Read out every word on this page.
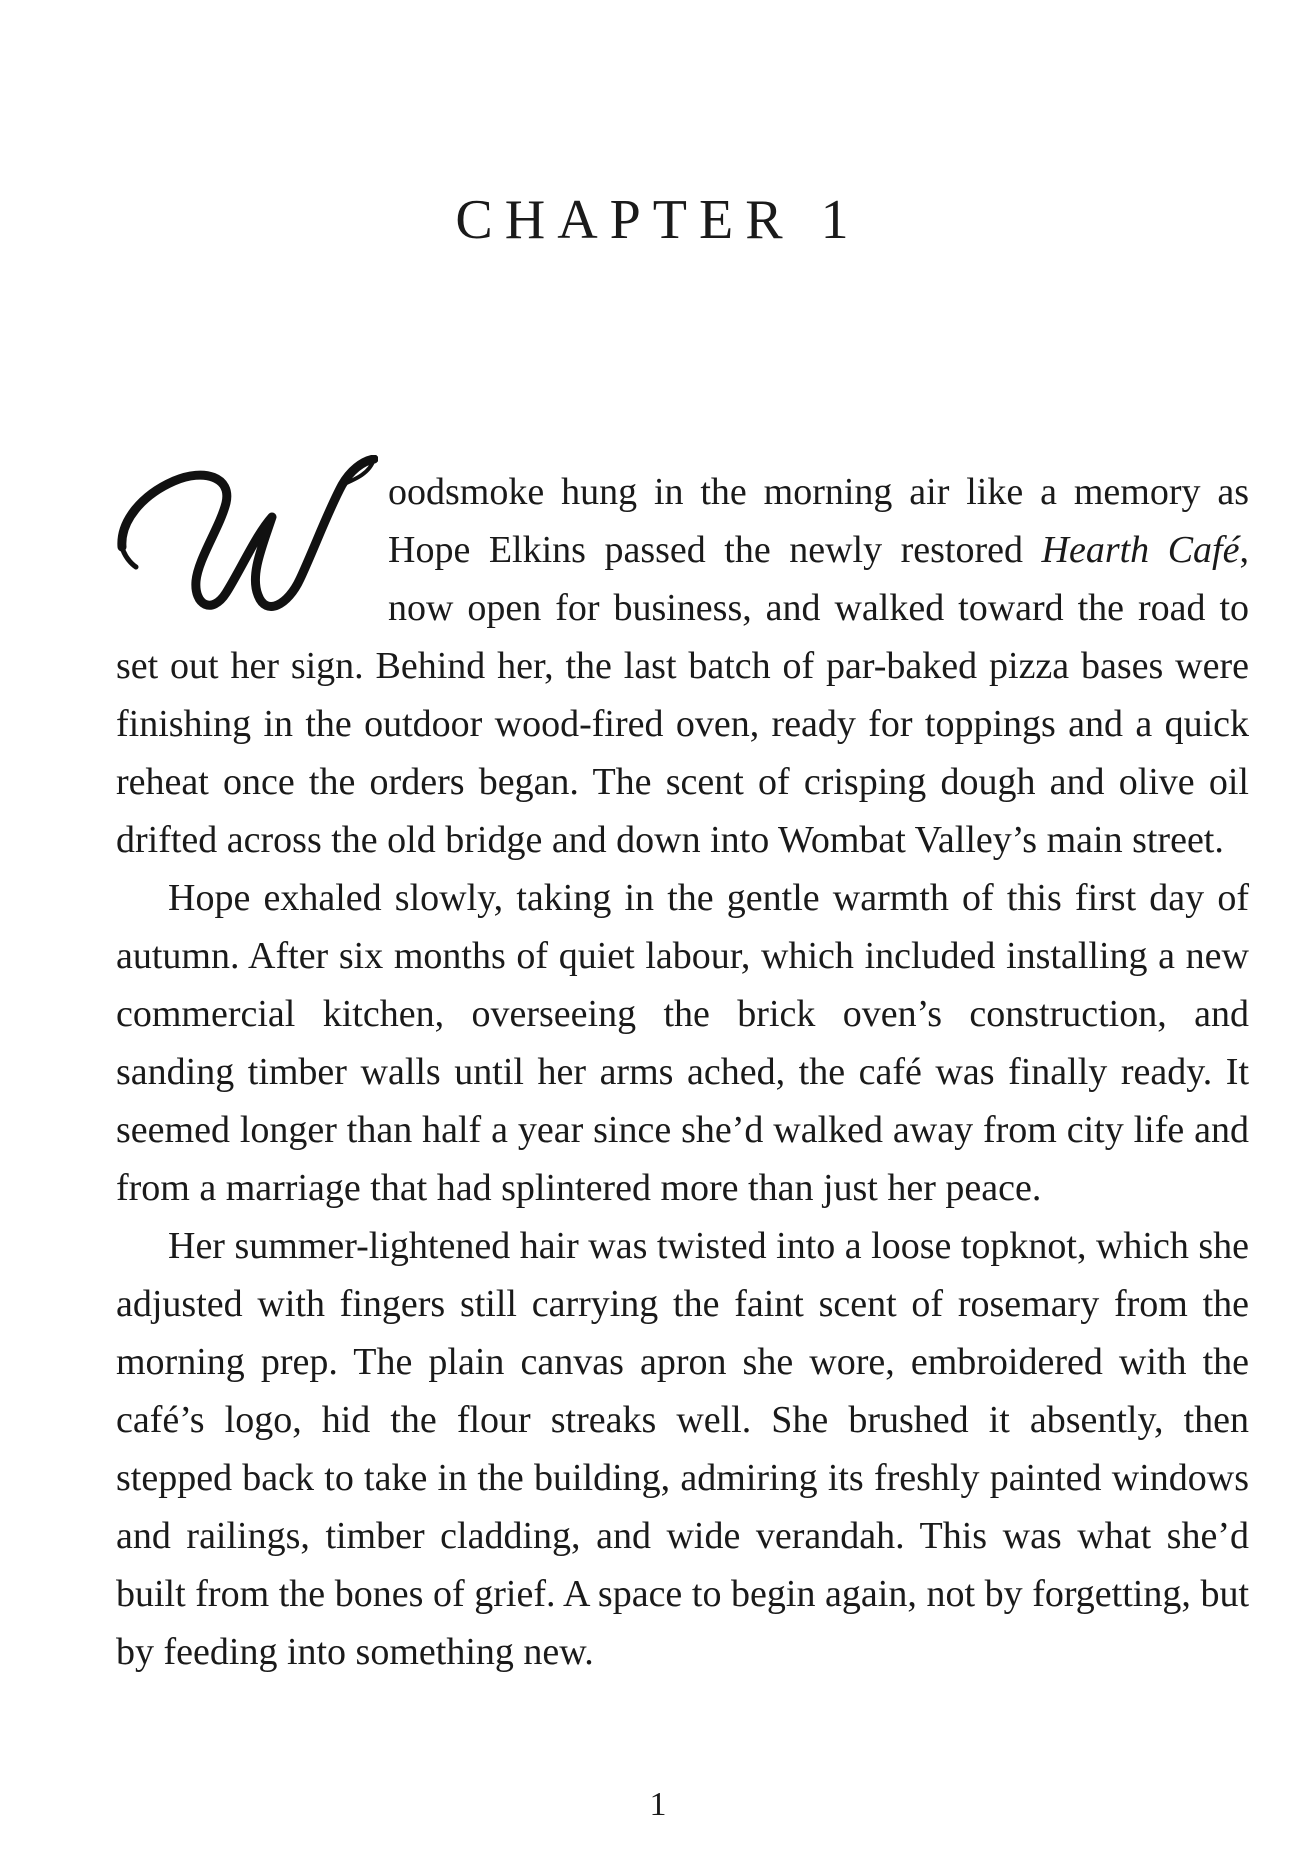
CHAPTER 1

oodsmoke hung in the morning air like a memory as Hope Elkins passed the newly restored Hearth Café, now open for business, and walked toward the road to set out her sign. Behind her, the last batch of par-baked pizza bases were finishing in the outdoor wood-fired oven, ready for toppings and a quick reheat once the orders began. The scent of crisping dough and olive oil drifted across the old bridge and down into Wombat Valley’s main street.

Hope exhaled slowly, taking in the gentle warmth of this first day of autumn. After six months of quiet labour, which included installing a new commercial kitchen, overseeing the brick oven’s construction, and sanding timber walls until her arms ached, the café was finally ready. It seemed longer than half a year since she’d walked away from city life and from a marriage that had splintered more than just her peace.

Her summer-lightened hair was twisted into a loose topknot, which she adjusted with fingers still carrying the faint scent of rosemary from the morning prep. The plain canvas apron she wore, embroidered with the café’s logo, hid the flour streaks well. She brushed it absently, then stepped back to take in the building, admiring its freshly painted windows and railings, timber cladding, and wide verandah. This was what she’d built from the bones of grief. A space to begin again, not by forgetting, but by feeding into something new.

1
